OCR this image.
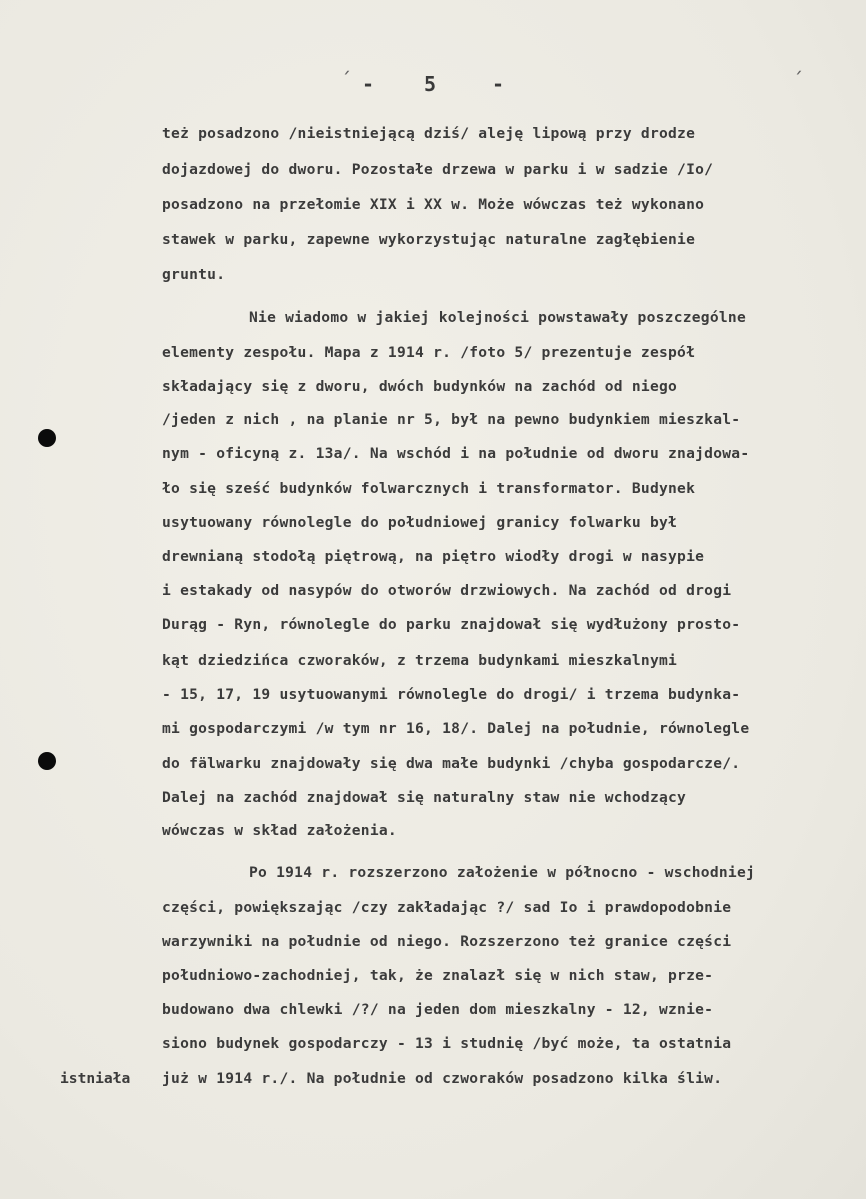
´	´
- 5	-
też posadzono /nieistniejącą dziś/ aleję lipową przy drodze
dojazdowej do dworu. Pozostałe drzewa w parku i w sadzie /Io/
posadzono na przełomie XIX i XX w. Może wówczas też wykonano
stawek w parku, zapewne wykorzystując naturalne zagłębienie
gruntu.
Nie wiadomo w jakiej kolejności powstawały poszczególne
elementy zespołu. Mapa z 1914 r. /foto 5/ prezentuje zespół
składający się z dworu, dwóch budynków na zachód od niego
/jeden z nich , na planie nr 5, był na pewno budynkiem mieszkal-
nym - oficyną z. 13a/. Na wschód i na południe od dworu znajdowa-
ło się sześć budynków folwarcznych i transformator. Budynek
usytuowany równolegle do południowej granicy folwarku był
drewnianą stodołą piętrową, na piętro wiodły drogi w nasypie
i estakady od nasypów do otworów drzwiowych. Na zachód od drogi
Durąg - Ryn, równolegle do parku znajdował się wydłużony prosto-
kąt dziedzińca czworaków, z trzema budynkami mieszkalnymi
- 15, 17, 19 usytuowanymi równolegle do drogi/ i trzema budynka-
mi gospodarczymi /w tym nr 16, 18/. Dalej na południe, równolegle
do fälwarku znajdowały się dwa małe budynki /chyba gospodarcze/.
Dalej na zachód znajdował się naturalny staw nie wchodzący
wówczas w skład założenia.
Po 1914 r. rozszerzono założenie w północno - wschodniej
części, powiększając /czy zakładając ?/ sad Io i prawdopodobnie
warzywniki na południe od niego. Rozszerzono też granice części
południowo-zachodniej, tak, że znalazł się w nich staw, prze-
budowano dwa chlewki /?/ na jeden dom mieszkalny - 12, wznie-
siono budynek gospodarczy - 13 i studnię /być może, ta ostatnia
już w 1914 r./. Na południe od czworaków posadzono kilka śliw.
istniała
